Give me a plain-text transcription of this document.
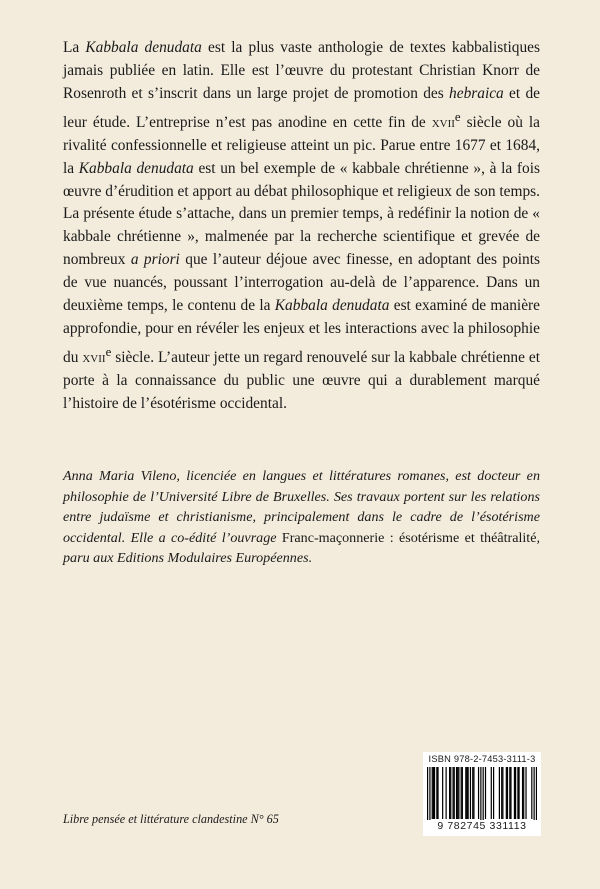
La Kabbala denudata est la plus vaste anthologie de textes kabbalistiques jamais publiée en latin. Elle est l’œuvre du protestant Christian Knorr de Rosenroth et s’inscrit dans un large projet de promotion des hebraica et de leur étude. L’entreprise n’est pas anodine en cette fin de xvii$^e$ siècle où la rivalité confessionnelle et religieuse atteint un pic. Parue entre 1677 et 1684, la Kabbala denudata est un bel exemple de « kabbale chrétienne », à la fois œuvre d’érudition et apport au débat philosophique et religieux de son temps. La présente étude s’attache, dans un premier temps, à redéfinir la notion de « kabbale chrétienne », malmenée par la recherche scientifique et grevée de nombreux a priori que l’auteur déjoue avec finesse, en adoptant des points de vue nuancés, poussant l’interrogation au-delà de l’apparence. Dans un deuxième temps, le contenu de la Kabbala denudata est examiné de manière approfondie, pour en révéler les enjeux et les interactions avec la philosophie du xvii$^e$ siècle. L’auteur jette un regard renouvelé sur la kabbale chrétienne et porte à la connaissance du public une œuvre qui a durablement marqué l’histoire de l’ésotérisme occidental.

Anna Maria Vileno, licenciée en langues et littératures romanes, est docteur en philosophie de l’Université Libre de Bruxelles. Ses travaux portent sur les relations entre judaïsme et christianisme, principalement dans le cadre de l’ésotérisme occidental. Elle a co-édité l’ouvrage Franc-maçonnerie : ésotérisme et théâtralité, paru aux Editions Modulaires Européennes.

Libre pensée et littérature clandestine N° 65
ISBN 978-2-7453-3111-3
9 782745 331113
